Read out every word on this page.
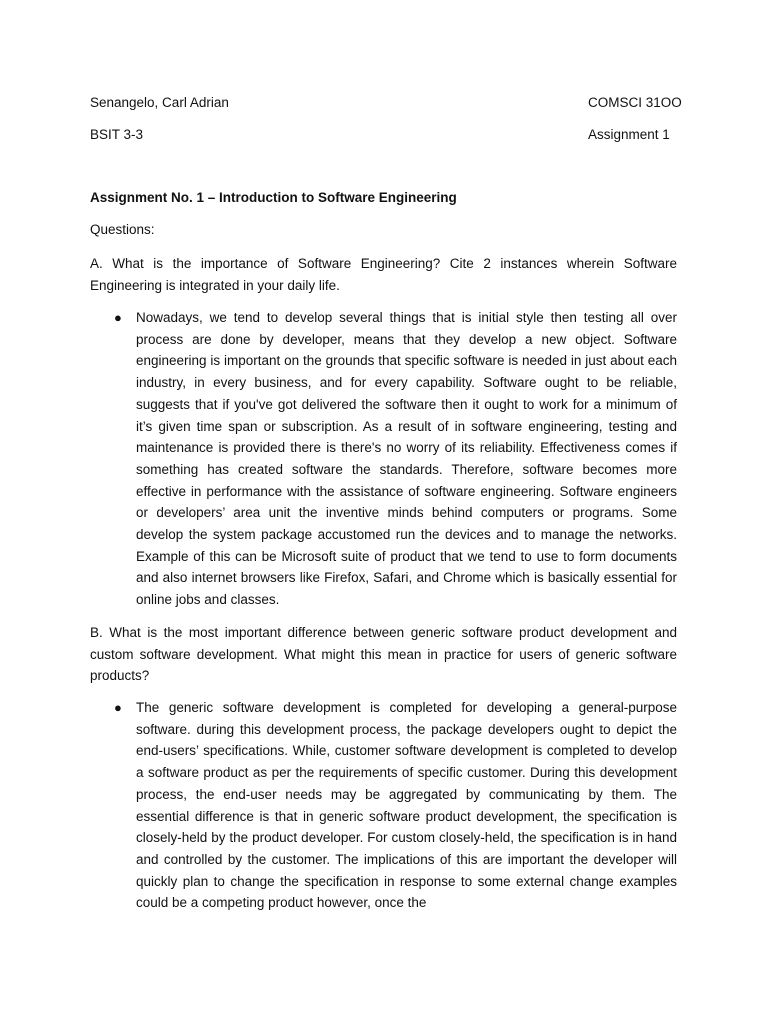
Senangelo, Carl Adrian	COMSCI 31OO
BSIT 3-3	Assignment 1
Assignment No. 1 – Introduction to Software Engineering
Questions:

A. What is the importance of Software Engineering? Cite 2 instances wherein Software Engineering is integrated in your daily life.

● Nowadays, we tend to develop several things that is initial style then testing all over process are done by developer, means that they develop a new object. Software engineering is important on the grounds that specific software is needed in just about each industry, in every business, and for every capability. Software ought to be reliable, suggests that if you've got delivered the software then it ought to work for a minimum of it’s given time span or subscription. As a result of in software engineering, testing and maintenance is provided there is there's no worry of its reliability. Effectiveness comes if something has created software the standards. Therefore, software becomes more effective in performance with the assistance of software engineering. Software engineers or developers’ area unit the inventive minds behind computers or programs. Some develop the system package accustomed run the devices and to manage the networks. Example of this can be Microsoft suite of product that we tend to use to form documents and also internet browsers like Firefox, Safari, and Chrome which is basically essential for online jobs and classes.

B. What is the most important difference between generic software product development and custom software development. What might this mean in practice for users of generic software products?

● The generic software development is completed for developing a general-purpose software. during this development process, the package developers ought to depict the end-users’ specifications. While, customer software development is completed to develop a software product as per the requirements of specific customer. During this development process, the end-user needs may be aggregated by communicating by them. The essential difference is that in generic software product development, the specification is closely-held by the product developer. For custom closely-held, the specification is in hand and controlled by the customer. The implications of this are important the developer will quickly plan to change the specification in response to some external change examples could be a competing product however, once the
